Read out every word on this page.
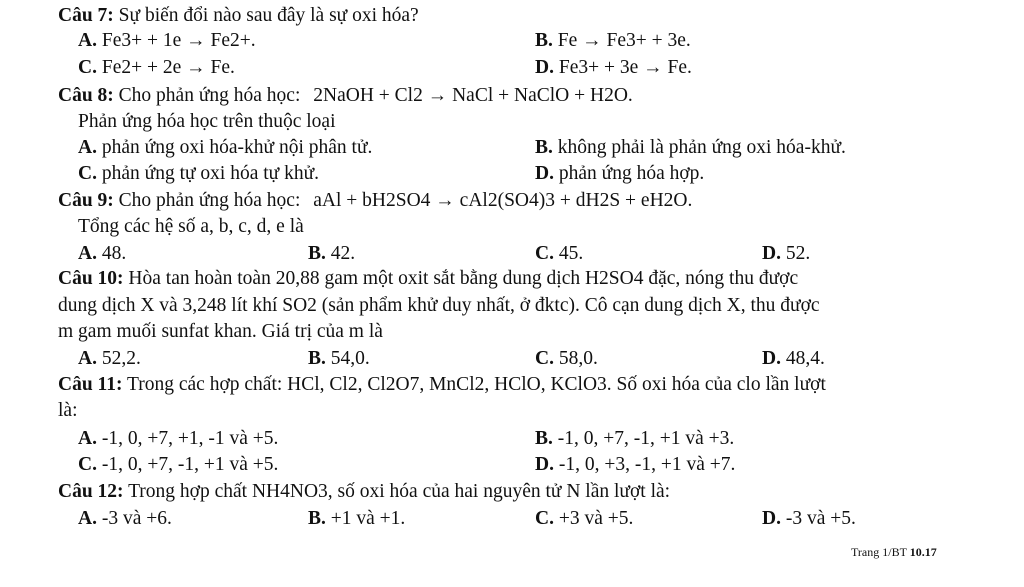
Câu 7: Sự biến đổi nào sau đây là sự oxi hóa?
A. Fe3+ + 1e → Fe2+.	B. Fe → Fe3+ + 3e.
C. Fe2+ + 2e → Fe.	D. Fe3+ + 3e → Fe.
Câu 8: Cho phản ứng hóa học: 2NaOH + Cl2 → NaCl + NaClO + H2O.
Phản ứng hóa học trên thuộc loại
A. phản ứng oxi hóa-khử nội phân tử.	B. không phải là phản ứng oxi hóa-khử.
C. phản ứng tự oxi hóa tự khử.	D. phản ứng hóa hợp.
Câu 9: Cho phản ứng hóa học: aAl + bH2SO4 → cAl2(SO4)3 + dH2S + eH2O.
Tổng các hệ số a, b, c, d, e là
A. 48.	B. 42.	C. 45.	D. 52.
Câu 10: Hòa tan hoàn toàn 20,88 gam một oxit sắt bằng dung dịch H2SO4 đặc, nóng thu được
dung dịch X và 3,248 lít khí SO2 (sản phẩm khử duy nhất, ở đktc). Cô cạn dung dịch X, thu được
m gam muối sunfat khan. Giá trị của m là
A. 52,2.	B. 54,0.	C. 58,0.	D. 48,4.
Câu 11: Trong các hợp chất: HCl, Cl2, Cl2O7, MnCl2, HClO, KClO3. Số oxi hóa của clo lần lượt
là:
A. -1, 0, +7, +1, -1 và +5.	B. -1, 0, +7, -1, +1 và +3.
C. -1, 0, +7, -1, +1 và +5.	D. -1, 0, +3, -1, +1 và +7.
Câu 12: Trong hợp chất NH4NO3, số oxi hóa của hai nguyên tử N lần lượt là:
A. -3 và +6.	B. +1 và +1.	C. +3 và +5.	D. -3 và +5.
Trang 1/BT 10.17
